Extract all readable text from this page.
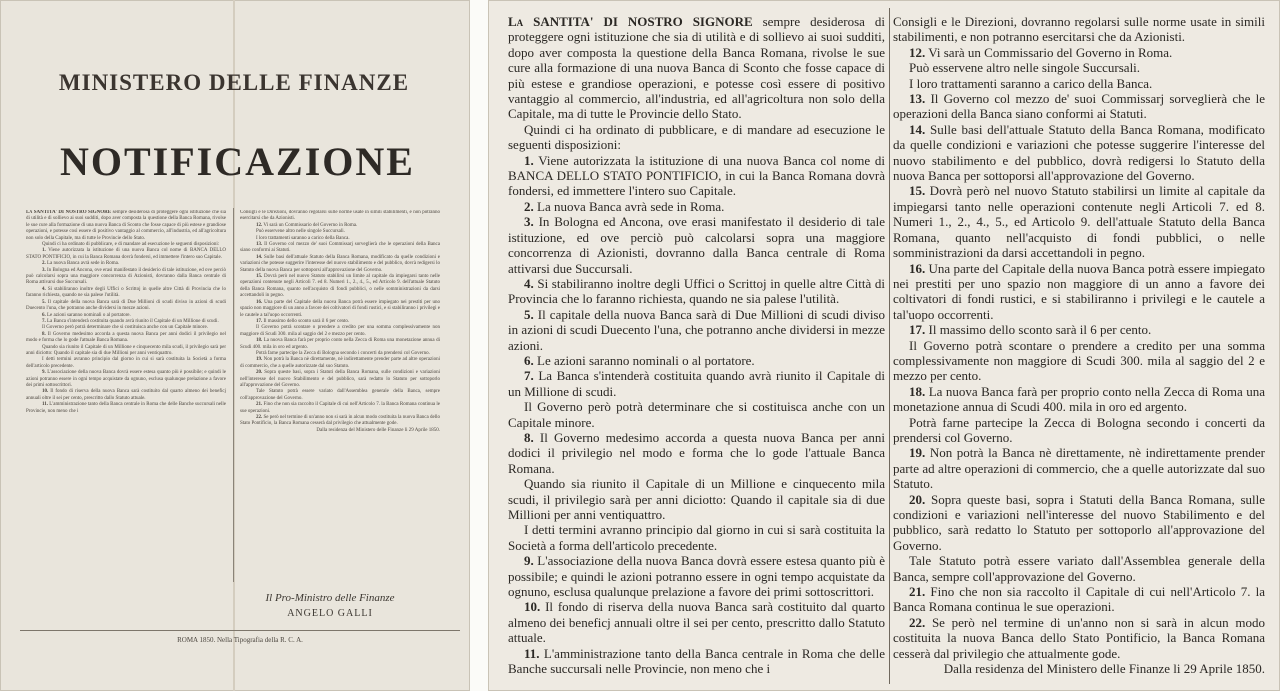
MINISTERO DELLE FINANZE
NOTIFICAZIONE

La SANTITA' DI NOSTRO SIGNORE sempre desiderosa di proteggere ogni istituzione che sia di utilità e di sollievo ai suoi sudditi, dopo aver composta la questione della Banca Romana, rivolse le sue cure alla formazione di una nuova Banca di Sconto che fosse capace di più estese e grandiose operazioni, e potesse così essere di positivo vantaggio al commercio, all'industria, ed all'agricoltura non solo della Capitale, ma di tutte le Provincie dello Stato.

Quindi ci ha ordinato di pubblicare, e di mandare ad esecuzione le seguenti disposizioni:

1. Viene autorizzata la istituzione di una nuova Banca col nome di BANCA DELLO STATO PONTIFICIO, in cui la Banca Romana dovrà fondersi, ed immettere l'intero suo Capitale.

2. La nuova Banca avrà sede in Roma.

3. In Bologna ed Ancona, ove erasi manifestato il desiderio di tale istituzione, ed ove perciò può calcolarsi sopra una maggiore concorrenza di Azionisti, dovranno dalla Banca centrale di Roma attivarsi due Succursali.

4. Si stabiliranno inoltre degli Uffici o Scrittoj in quelle altre Città di Provincia che lo faranno richiesta, quando ne sia palese l'utilità.

5. Il capitale della nuova Banca sarà di Due Millioni di scudi diviso in azioni di scudi Duecento l'una, che potranno anche dividersi in mezze azioni.

6. Le azioni saranno nominali o al portatore.

7. La Banca s'intenderà costituita quando avrà riunito il Capitale di un Millione di scudi.

Il Governo però potrà determinare che si costituisca anche con un Capitale minore.

8. Il Governo medesimo accorda a questa nuova Banca per anni dodici il privilegio nel modo e forma che lo gode l'attuale Banca Romana.

Quando sia riunito il Capitale di un Millione e cinquecento mila scudi, il privilegio sarà per anni diciotto: Quando il capitale sia di due Millioni per anni ventiquattro.

I detti termini avranno principio dal giorno in cui si sarà costituita la Società a forma dell'articolo precedente.

9. L'associazione della nuova Banca dovrà essere estesa quanto più è possibile; e quindi le azioni potranno essere in ogni tempo acquistate da ognuno, esclusa qualunque prelazione a favore dei primi sottoscrittori.

10. Il fondo di riserva della nuova Banca sarà costituito dal quarto almeno dei beneficj annuali oltre il sei per cento, prescritto dallo Statuto attuale.

11. L'amministrazione tanto della Banca centrale in Roma che delle Banche succursali nelle Provincie, non meno che i

Consigli e le Direzioni, dovranno regolarsi sulle norme usate in simili stabilimenti, e non potranno esercitarsi che da Azionisti.

12. Vi sarà un Commissario del Governo in Roma.

Può esservene altro nelle singole Succursali.

I loro trattamenti saranno a carico della Banca.

13. Il Governo col mezzo de' suoi Commissarj sorveglierà che le operazioni della Banca siano conformi ai Statuti.

14. Sulle basi dell'attuale Statuto della Banca Romana, modificato da quelle condizioni e variazioni che potesse suggerire l'interesse del nuovo stabilimento e del pubblico, dovrà redigersi lo Statuto della nuova Banca per sottoporsi all'approvazione del Governo.

15. Dovrà però nel nuovo Statuto stabilirsi un limite al capitale da impiegarsi tanto nelle operazioni contenute negli Articoli 7. ed 8. Numeri 1., 2., 4., 5., ed Articolo 9. dell'attuale Statuto della Banca Romana, quanto nell'acquisto di fondi pubblici, o nelle somministrazioni da darsi accettandoli in pegno.

16. Una parte del Capitale della nuova Banca potrà essere impiegato nei prestiti per uno spazio non maggiore di un anno a favore dei coltivatori di fondi rustici, e si stabiliranno i privilegi e le cautele a tal'uopo occorrenti.

17. Il massimo dello sconto sarà il 6 per cento.

Il Governo potrà scontare o prendere a credito per una somma complessivamente non maggiore di Scudi 300. mila al saggio del 2 e mezzo per cento.

18. La nuova Banca farà per proprio conto nella Zecca di Roma una monetazione annua di Scudi 400. mila in oro ed argento.

Potrà farne partecipe la Zecca di Bologna secondo i concerti da prendersi col Governo.

19. Non potrà la Banca nè direttamente, nè indirettamente prender parte ad altre operazioni di commercio, che a quelle autorizzate dal suo Statuto.

20. Sopra queste basi, sopra i Statuti della Banca Romana, sulle condizioni e variazioni nell'interesse del nuovo Stabilimento e del pubblico, sarà redatto lo Statuto per sottoporlo all'approvazione del Governo.

Tale Statuto potrà essere variato dall'Assemblea generale della Banca, sempre coll'approvazione del Governo.

21. Fino che non sia raccolto il Capitale di cui nell'Articolo 7. la Banca Romana continua le sue operazioni.

22. Se però nel termine di un'anno non si sarà in alcun modo costituita la nuova Banca dello Stato Pontificio, la Banca Romana cesserà dal privilegio che attualmente gode.

Dalla residenza del Ministero delle Finanze li 29 Aprile 1850.

Il Pro-Ministro delle Finanze
ANGELO GALLI
ROMA 1850. Nella Tipografia della R. C. A.

La SANTITA' DI NOSTRO SIGNORE sempre desiderosa di proteggere ogni istituzione che sia di utilità e di sollievo ai suoi sudditi, dopo aver composta la questione della Banca Romana, rivolse le sue cure alla formazione di una nuova Banca di Sconto che fosse capace di più estese e grandiose operazioni, e potesse così essere di positivo vantaggio al commercio, all'industria, ed all'agricoltura non solo della Capitale, ma di tutte le Provincie dello Stato.

Quindi ci ha ordinato di pubblicare, e di mandare ad esecuzione le seguenti disposizioni:

1. Viene autorizzata la istituzione di una nuova Banca col nome di BANCA DELLO STATO PONTIFICIO, in cui la Banca Romana dovrà fondersi, ed immettere l'intero suo Capitale.

2. La nuova Banca avrà sede in Roma.

3. In Bologna ed Ancona, ove erasi manifestato il desiderio di tale istituzione, ed ove perciò può calcolarsi sopra una maggiore concorrenza di Azionisti, dovranno dalla Banca centrale di Roma attivarsi due Succursali.

4. Si stabiliranno inoltre degli Uffici o Scrittoj in quelle altre Città di Provincia che lo faranno richiesta, quando ne sia palese l'utilità.

5. Il capitale della nuova Banca sarà di Due Millioni di scudi diviso in azioni di scudi Duecento l'una, che potranno anche dividersi in mezze azioni.

6. Le azioni saranno nominali o al portatore.

7. La Banca s'intenderà costituita quando avrà riunito il Capitale di un Millione di scudi.

Il Governo però potrà determinare che si costituisca anche con un Capitale minore.

8. Il Governo medesimo accorda a questa nuova Banca per anni dodici il privilegio nel modo e forma che lo gode l'attuale Banca Romana.

Quando sia riunito il Capitale di un Millione e cinquecento mila scudi, il privilegio sarà per anni diciotto: Quando il capitale sia di due Millioni per anni ventiquattro.

I detti termini avranno principio dal giorno in cui si sarà costituita la Società a forma dell'articolo precedente.

9. L'associazione della nuova Banca dovrà essere estesa quanto più è possibile; e quindi le azioni potranno essere in ogni tempo acquistate da ognuno, esclusa qualunque prelazione a favore dei primi sottoscrittori.

10. Il fondo di riserva della nuova Banca sarà costituito dal quarto almeno dei beneficj annuali oltre il sei per cento, prescritto dallo Statuto attuale.

11. L'amministrazione tanto della Banca centrale in Roma che delle Banche succursali nelle Provincie, non meno che i

Consigli e le Direzioni, dovranno regolarsi sulle norme usate in simili stabilimenti, e non potranno esercitarsi che da Azionisti.

12. Vi sarà un Commissario del Governo in Roma.

Può esservene altro nelle singole Succursali.

I loro trattamenti saranno a carico della Banca.

13. Il Governo col mezzo de' suoi Commissarj sorveglierà che le operazioni della Banca siano conformi ai Statuti.

14. Sulle basi dell'attuale Statuto della Banca Romana, modificato da quelle condizioni e variazioni che potesse suggerire l'interesse del nuovo stabilimento e del pubblico, dovrà redigersi lo Statuto della nuova Banca per sottoporsi all'approvazione del Governo.

15. Dovrà però nel nuovo Statuto stabilirsi un limite al capitale da impiegarsi tanto nelle operazioni contenute negli Articoli 7. ed 8. Numeri 1., 2., 4., 5., ed Articolo 9. dell'attuale Statuto della Banca Romana, quanto nell'acquisto di fondi pubblici, o nelle somministrazioni da darsi accettandoli in pegno.

16. Una parte del Capitale della nuova Banca potrà essere impiegato nei prestiti per uno spazio non maggiore di un anno a favore dei coltivatori di fondi rustici, e si stabiliranno i privilegi e le cautele a tal'uopo occorrenti.

17. Il massimo dello sconto sarà il 6 per cento.

Il Governo potrà scontare o prendere a credito per una somma complessivamente non maggiore di Scudi 300. mila al saggio del 2 e mezzo per cento.

18. La nuova Banca farà per proprio conto nella Zecca di Roma una monetazione annua di Scudi 400. mila in oro ed argento.

Potrà farne partecipe la Zecca di Bologna secondo i concerti da prendersi col Governo.

19. Non potrà la Banca nè direttamente, nè indirettamente prender parte ad altre operazioni di commercio, che a quelle autorizzate dal suo Statuto.

20. Sopra queste basi, sopra i Statuti della Banca Romana, sulle condizioni e variazioni nell'interesse del nuovo Stabilimento e del pubblico, sarà redatto lo Statuto per sottoporlo all'approvazione del Governo.

Tale Statuto potrà essere variato dall'Assemblea generale della Banca, sempre coll'approvazione del Governo.

21. Fino che non sia raccolto il Capitale di cui nell'Articolo 7. la Banca Romana continua le sue operazioni.

22. Se però nel termine di un'anno non si sarà in alcun modo costituita la nuova Banca dello Stato Pontificio, la Banca Romana cesserà dal privilegio che attualmente gode.

Dalla residenza del Ministero delle Finanze li 29 Aprile 1850.
